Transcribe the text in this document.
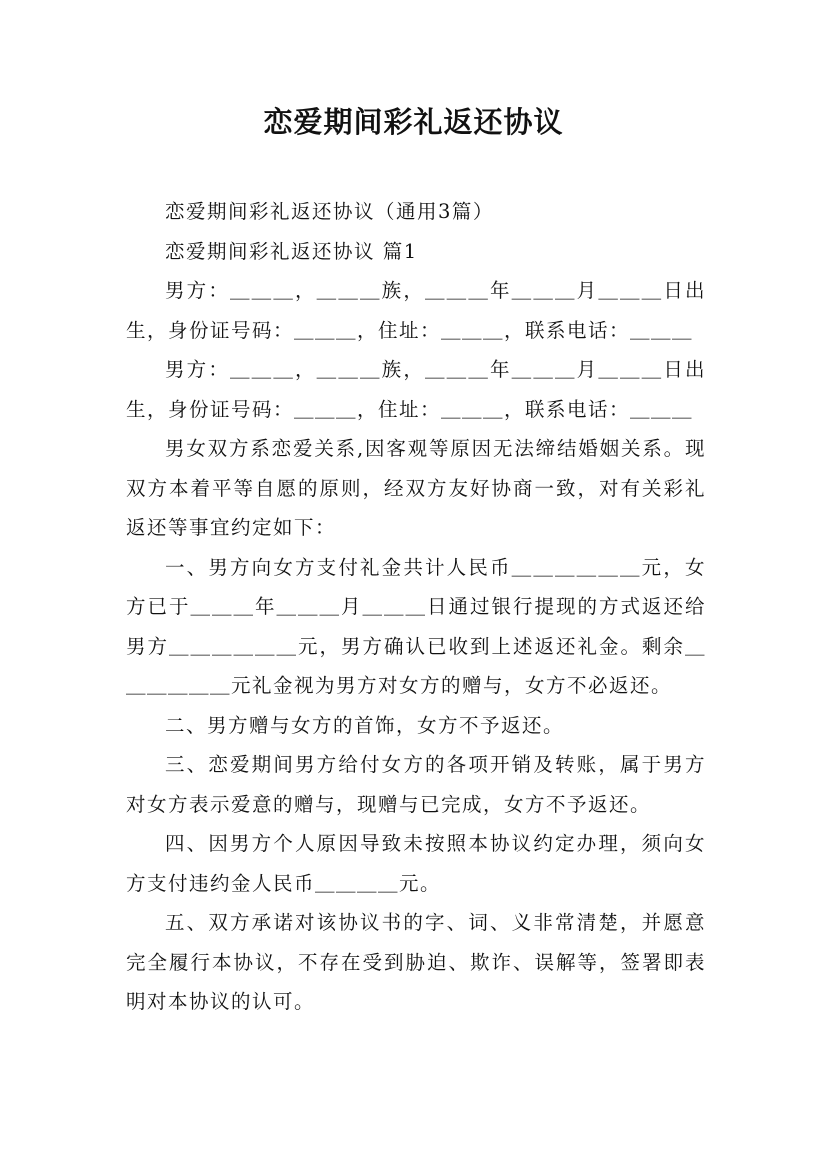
恋爱期间彩礼返还协议

恋爱期间彩礼返还协议（通用3篇）

恋爱期间彩礼返还协议 篇1

男方：＿＿＿，＿＿＿族，＿＿＿年＿＿＿月＿＿＿日出生，身份证号码：＿＿＿，住址：＿＿＿，联系电话：＿＿＿

男方：＿＿＿，＿＿＿族，＿＿＿年＿＿＿月＿＿＿日出生，身份证号码：＿＿＿，住址：＿＿＿，联系电话：＿＿＿

男女双方系恋爱关系,因客观等原因无法缔结婚姻关系。现双方本着平等自愿的原则，经双方友好协商一致，对有关彩礼返还等事宜约定如下：

一、男方向女方支付礼金共计人民币＿＿＿＿＿＿元，女方已于＿＿＿年＿＿＿月＿＿＿日通过银行提现的方式返还给男方＿＿＿＿＿＿元，男方确认已收到上述返还礼金。剩余＿＿＿＿＿＿元礼金视为男方对女方的赠与，女方不必返还。

二、男方赠与女方的首饰，女方不予返还。

三、恋爱期间男方给付女方的各项开销及转账，属于男方对女方表示爱意的赠与，现赠与已完成，女方不予返还。

四、因男方个人原因导致未按照本协议约定办理，须向女方支付违约金人民币＿＿＿＿元。

五、双方承诺对该协议书的字、词、义非常清楚，并愿意完全履行本协议，不存在受到胁迫、欺诈、误解等，签署即表明对本协议的认可。
